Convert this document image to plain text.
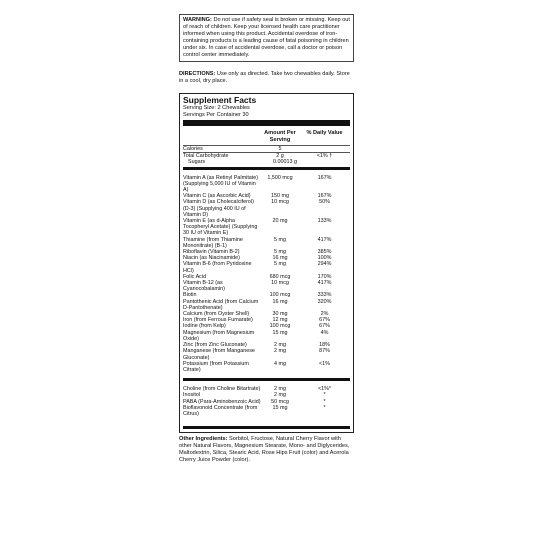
WARNING: Do not use if safety seal is broken or missing. Keep out of reach of children. Keep your licensed health care practitioner informed when using this product. Accidental overdose of iron-containing products is a leading cause of fatal poisoning in children under six. In case of accidental overdose, call a doctor or poison control center immediately.
DIRECTIONS: Use only as directed. Take two chewables daily. Store in a cool, dry place.
Supplement Facts
Serving Size: 2 Chewables
Servings Per Container 30
Amount Per Serving
% Daily Value
Calories	5
Total Carbohydrate	2 g	<1% †
Sugars	0.00013 g
Vitamin A (as Retinyl Palmitate) (Supplying 5,000 IU of Vitamin A)
1,500 mcg	167%
Vitamin C (as Ascorbic Acid)	150 mg	167%
Vitamin D (as Cholecalciferol) (D-3) (Supplying 400 IU of Vitamin D)
10 mcg	50%
Vitamin E (as d-Alpha Tocopheryl Acetate) (Supplying 30 IU of Vitamin E)
20 mg	133%
Thiamine (from Thiamine Mononitrate) (B-1)
5 mg	417%
Riboflavin (Vitamin B-2)	5 mg	385%
Niacin (as Niacinamide)	16 mg	100%
Vitamin B-6 (from Pyridoxine HCl)
5 mg	294%
Folic Acid	680 mcg	170%
Vitamin B-12 (as Cyanocobalamin)
10 mcg	417%
Biotin	100 mcg	333%
Pantothenic Acid (from Calcium D-Pantothenate)
16 mg	320%
Calcium (from Oyster Shell)	30 mg	2%
Iron (from Ferrous Fumarate)	12 mg	67%
Iodine (from Kelp)	100 mcg	67%
Magnesium (from Magnesium Oxide)
15 mg	4%
Zinc (from Zinc Gluconate)	2 mg	18%
Manganese (from Manganese Gluconate)
2 mg	87%
Potassium (from Potassium Citrate)
4 mg	<1%
Choline (from Choline Bitartrate)	2 mg	<1%*
Inositol	2 mg	*
PABA (Para-Aminobenzoic Acid)	50 mcg	*
Bioflavonoid Concentrate (from Citrus)
15 mg	*
Other Ingredients: Sorbitol, Fructose, Natural Cherry Flavor with other Natural Flavors, Magnesium Stearate, Mono- and Diglycerides, Maltodextrin, Silica, Stearic Acid, Rose Hips Fruit (color) and Acerola Cherry Juice Powder (color).
